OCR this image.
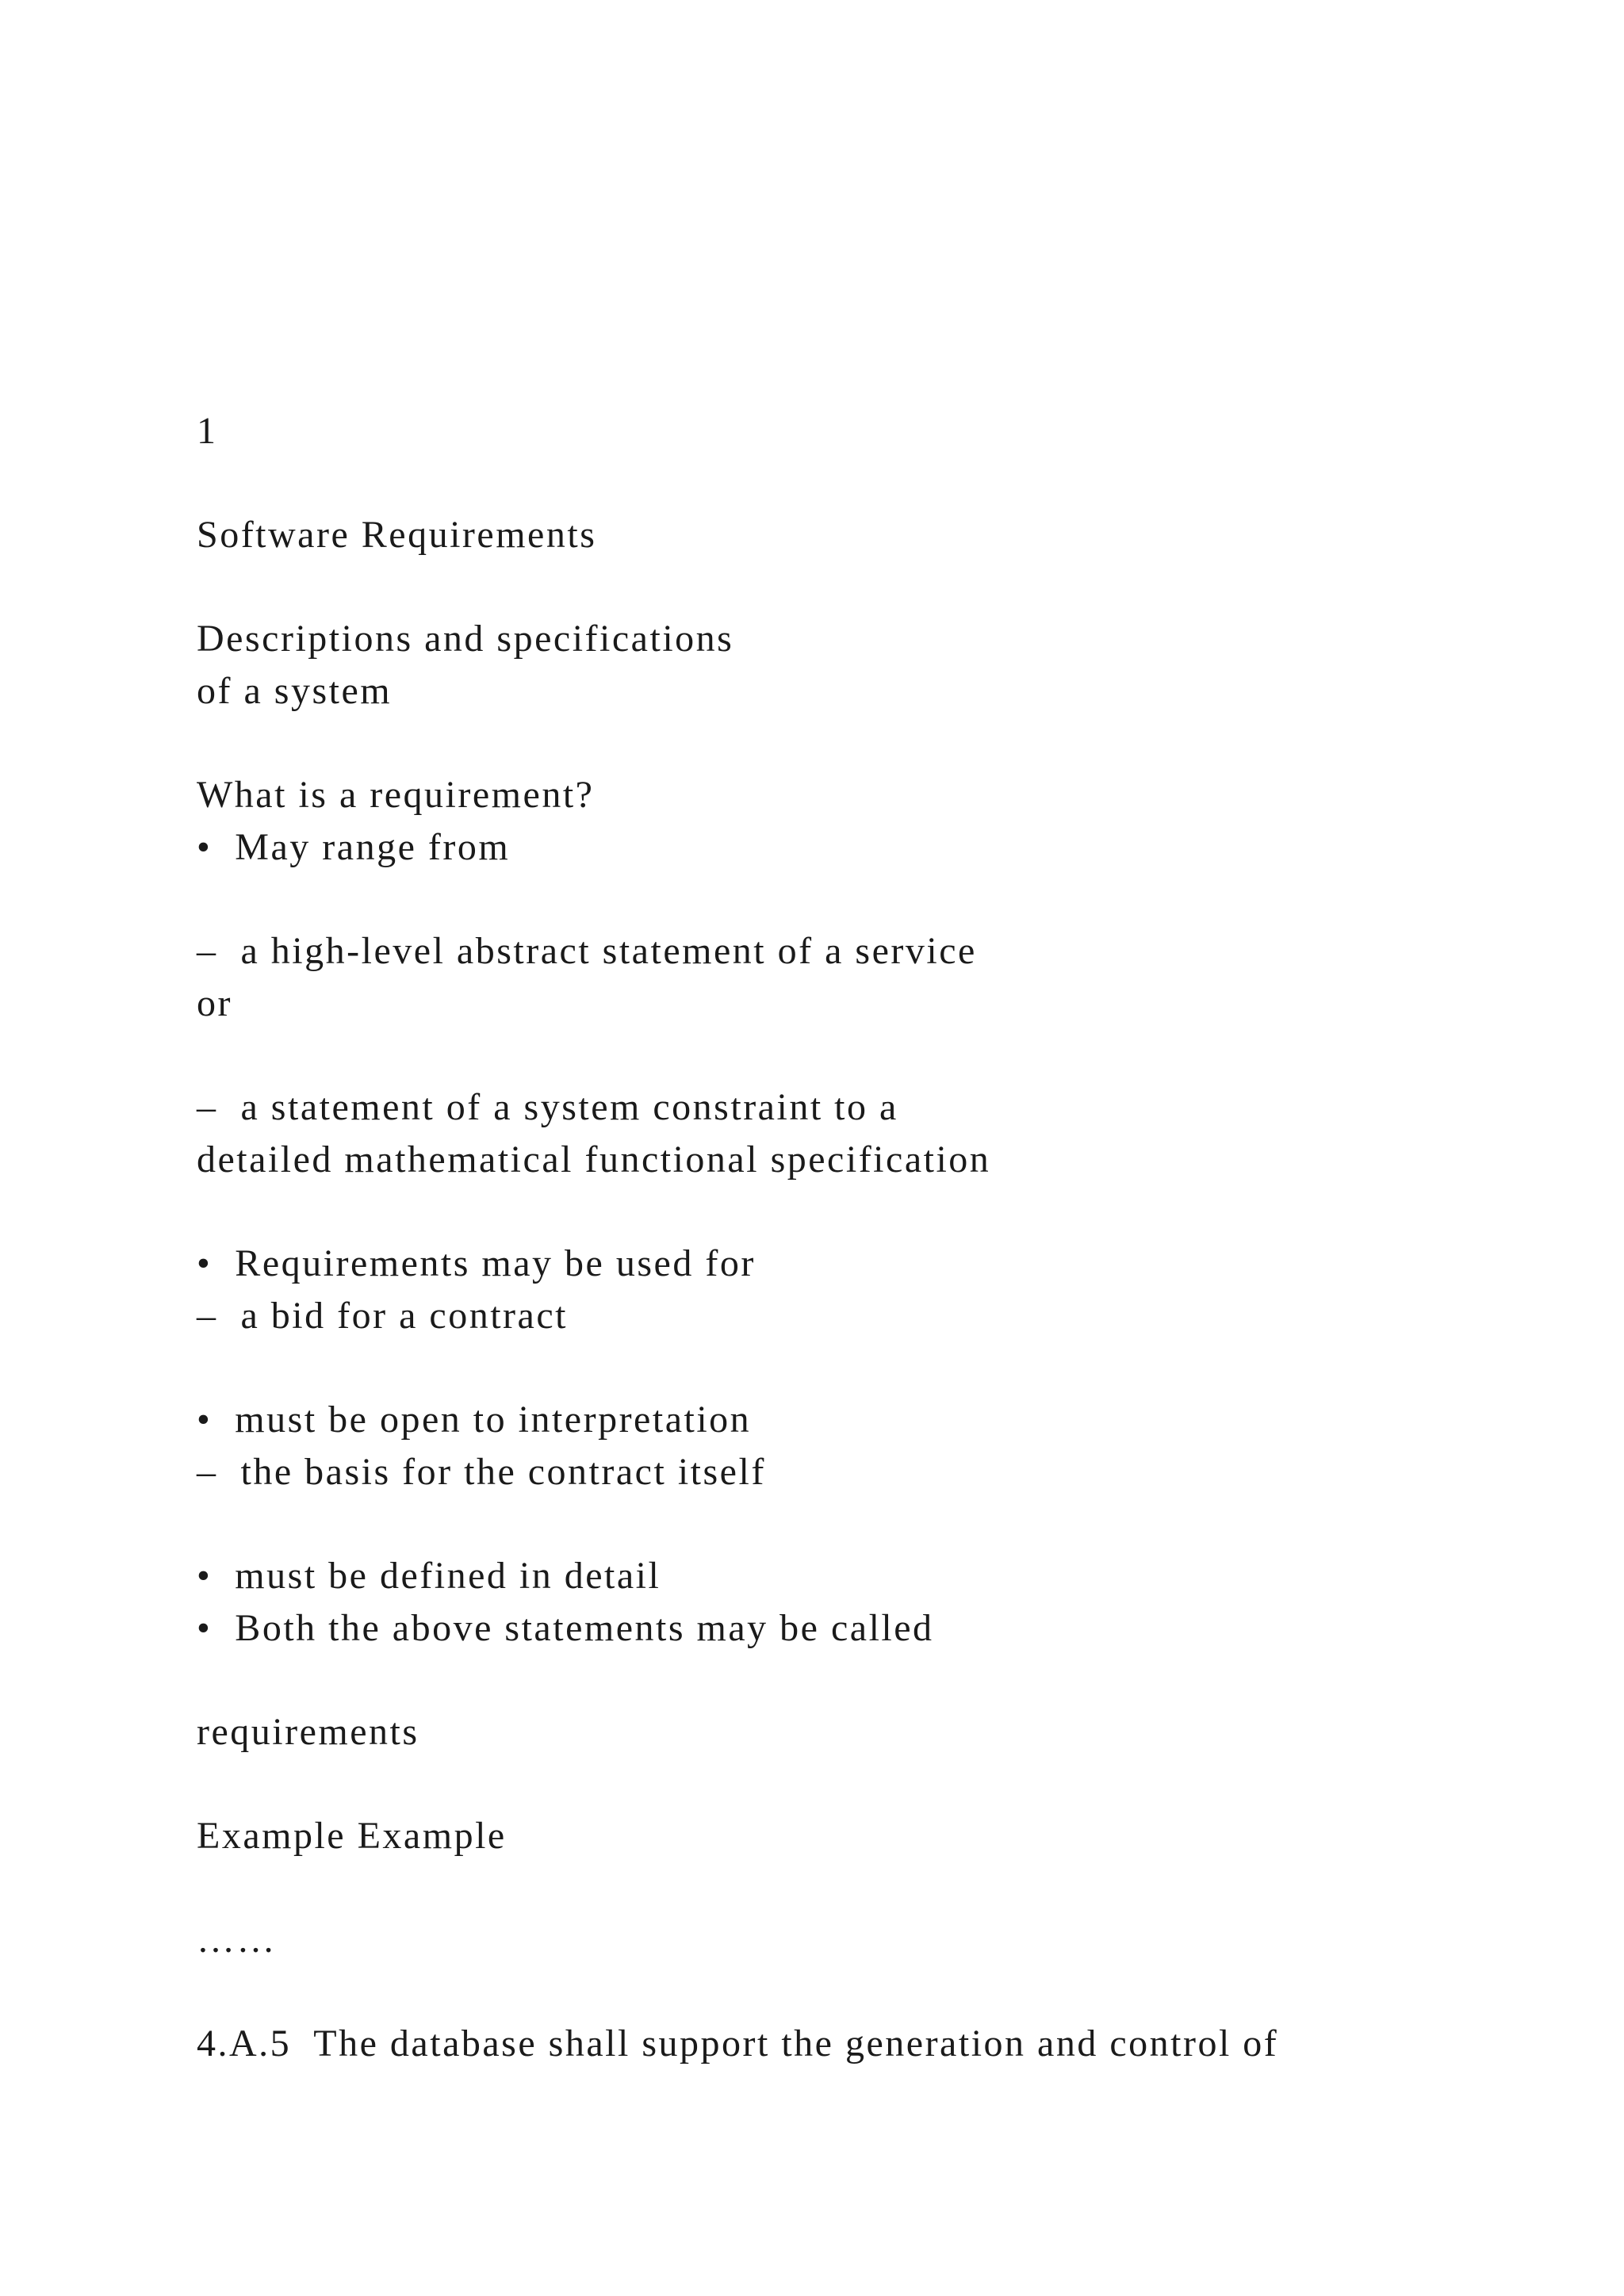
1
Software Requirements
Descriptions and specifications
of a system
What is a requirement?
•  May range from
–  a high-level abstract statement of a service
or
–  a statement of a system constraint to a
detailed mathematical functional specification
•  Requirements may be used for
–  a bid for a contract
•  must be open to interpretation
–  the basis for the contract itself
•  must be defined in detail
•  Both the above statements may be called
requirements
Example Example
……
4.A.5  The database shall support the generation and control of
